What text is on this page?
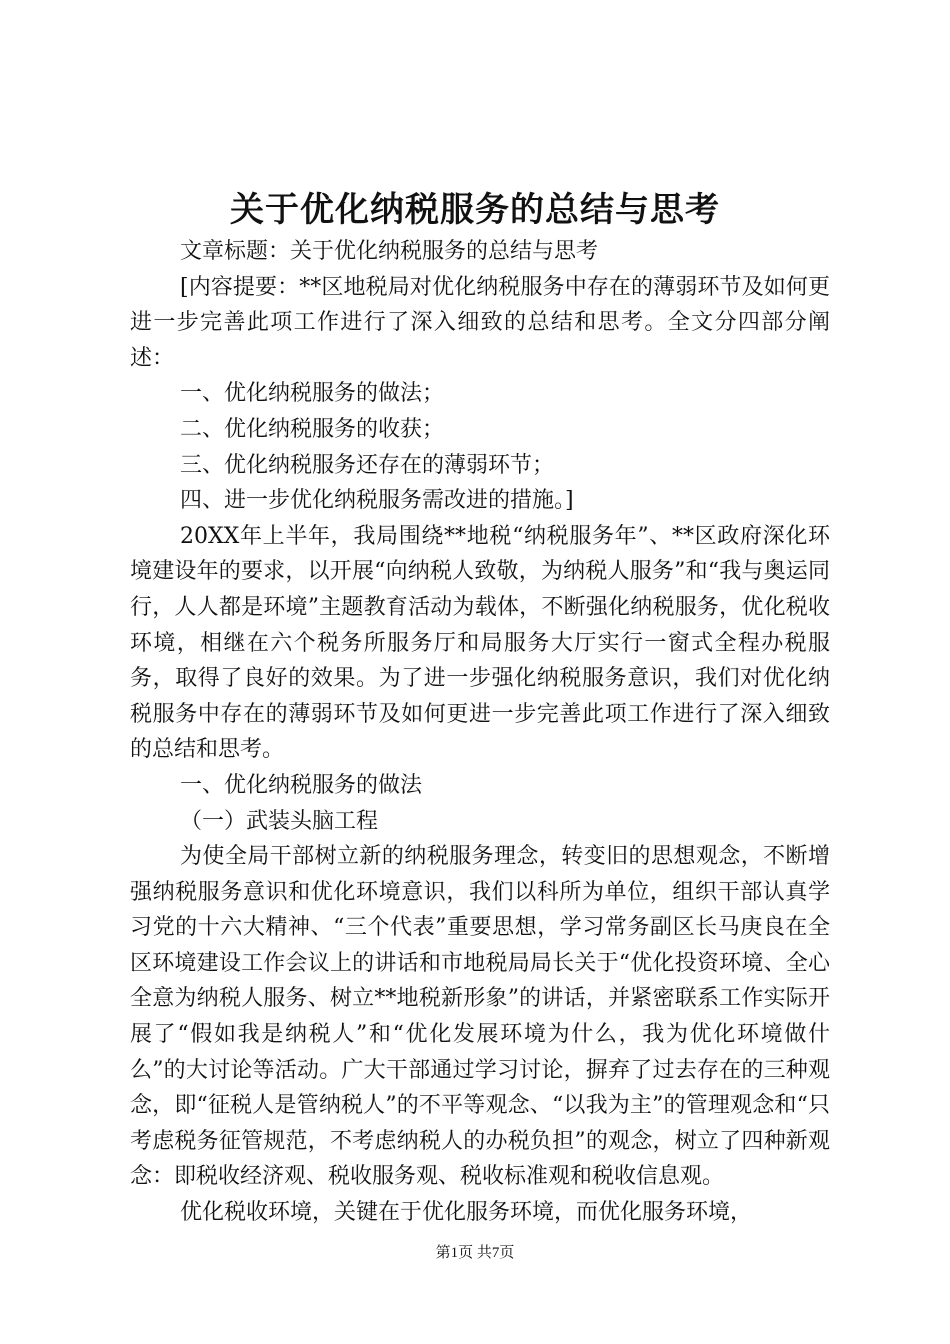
关于优化纳税服务的总结与思考

文章标题：关于优化纳税服务的总结与思考

[内容提要：**区地税局对优化纳税服务中存在的薄弱环节及如何更进一步完善此项工作进行了深入细致的总结和思考。全文分四部分阐述：

一、优化纳税服务的做法；

二、优化纳税服务的收获；

三、优化纳税服务还存在的薄弱环节；

四、进一步优化纳税服务需改进的措施。]

20XX年上半年，我局围绕**地税“纳税服务年”、**区政府深化环境建设年的要求，以开展“向纳税人致敬，为纳税人服务”和“我与奥运同行，人人都是环境”主题教育活动为载体，不断强化纳税服务，优化税收环境，相继在六个税务所服务厅和局服务大厅实行一窗式全程办税服务，取得了良好的效果。为了进一步强化纳税服务意识，我们对优化纳税服务中存在的薄弱环节及如何更进一步完善此项工作进行了深入细致的总结和思考。

一、优化纳税服务的做法

（一）武装头脑工程

为使全局干部树立新的纳税服务理念，转变旧的思想观念，不断增强纳税服务意识和优化环境意识，我们以科所为单位，组织干部认真学习党的十六大精神、“三个代表”重要思想，学习常务副区长马庚良在全区环境建设工作会议上的讲话和市地税局局长关于“优化投资环境、全心全意为纳税人服务、树立**地税新形象”的讲话，并紧密联系工作实际开展了“假如我是纳税人”和“优化发展环境为什么，我为优化环境做什么”的大讨论等活动。广大干部通过学习讨论，摒弃了过去存在的三种观念，即“征税人是管纳税人”的不平等观念、“以我为主”的管理观念和“只考虑税务征管规范，不考虑纳税人的办税负担”的观念，树立了四种新观念：即税收经济观、税收服务观、税收标准观和税收信息观。

优化税收环境，关键在于优化服务环境，而优化服务环境，

第1页 共7页
